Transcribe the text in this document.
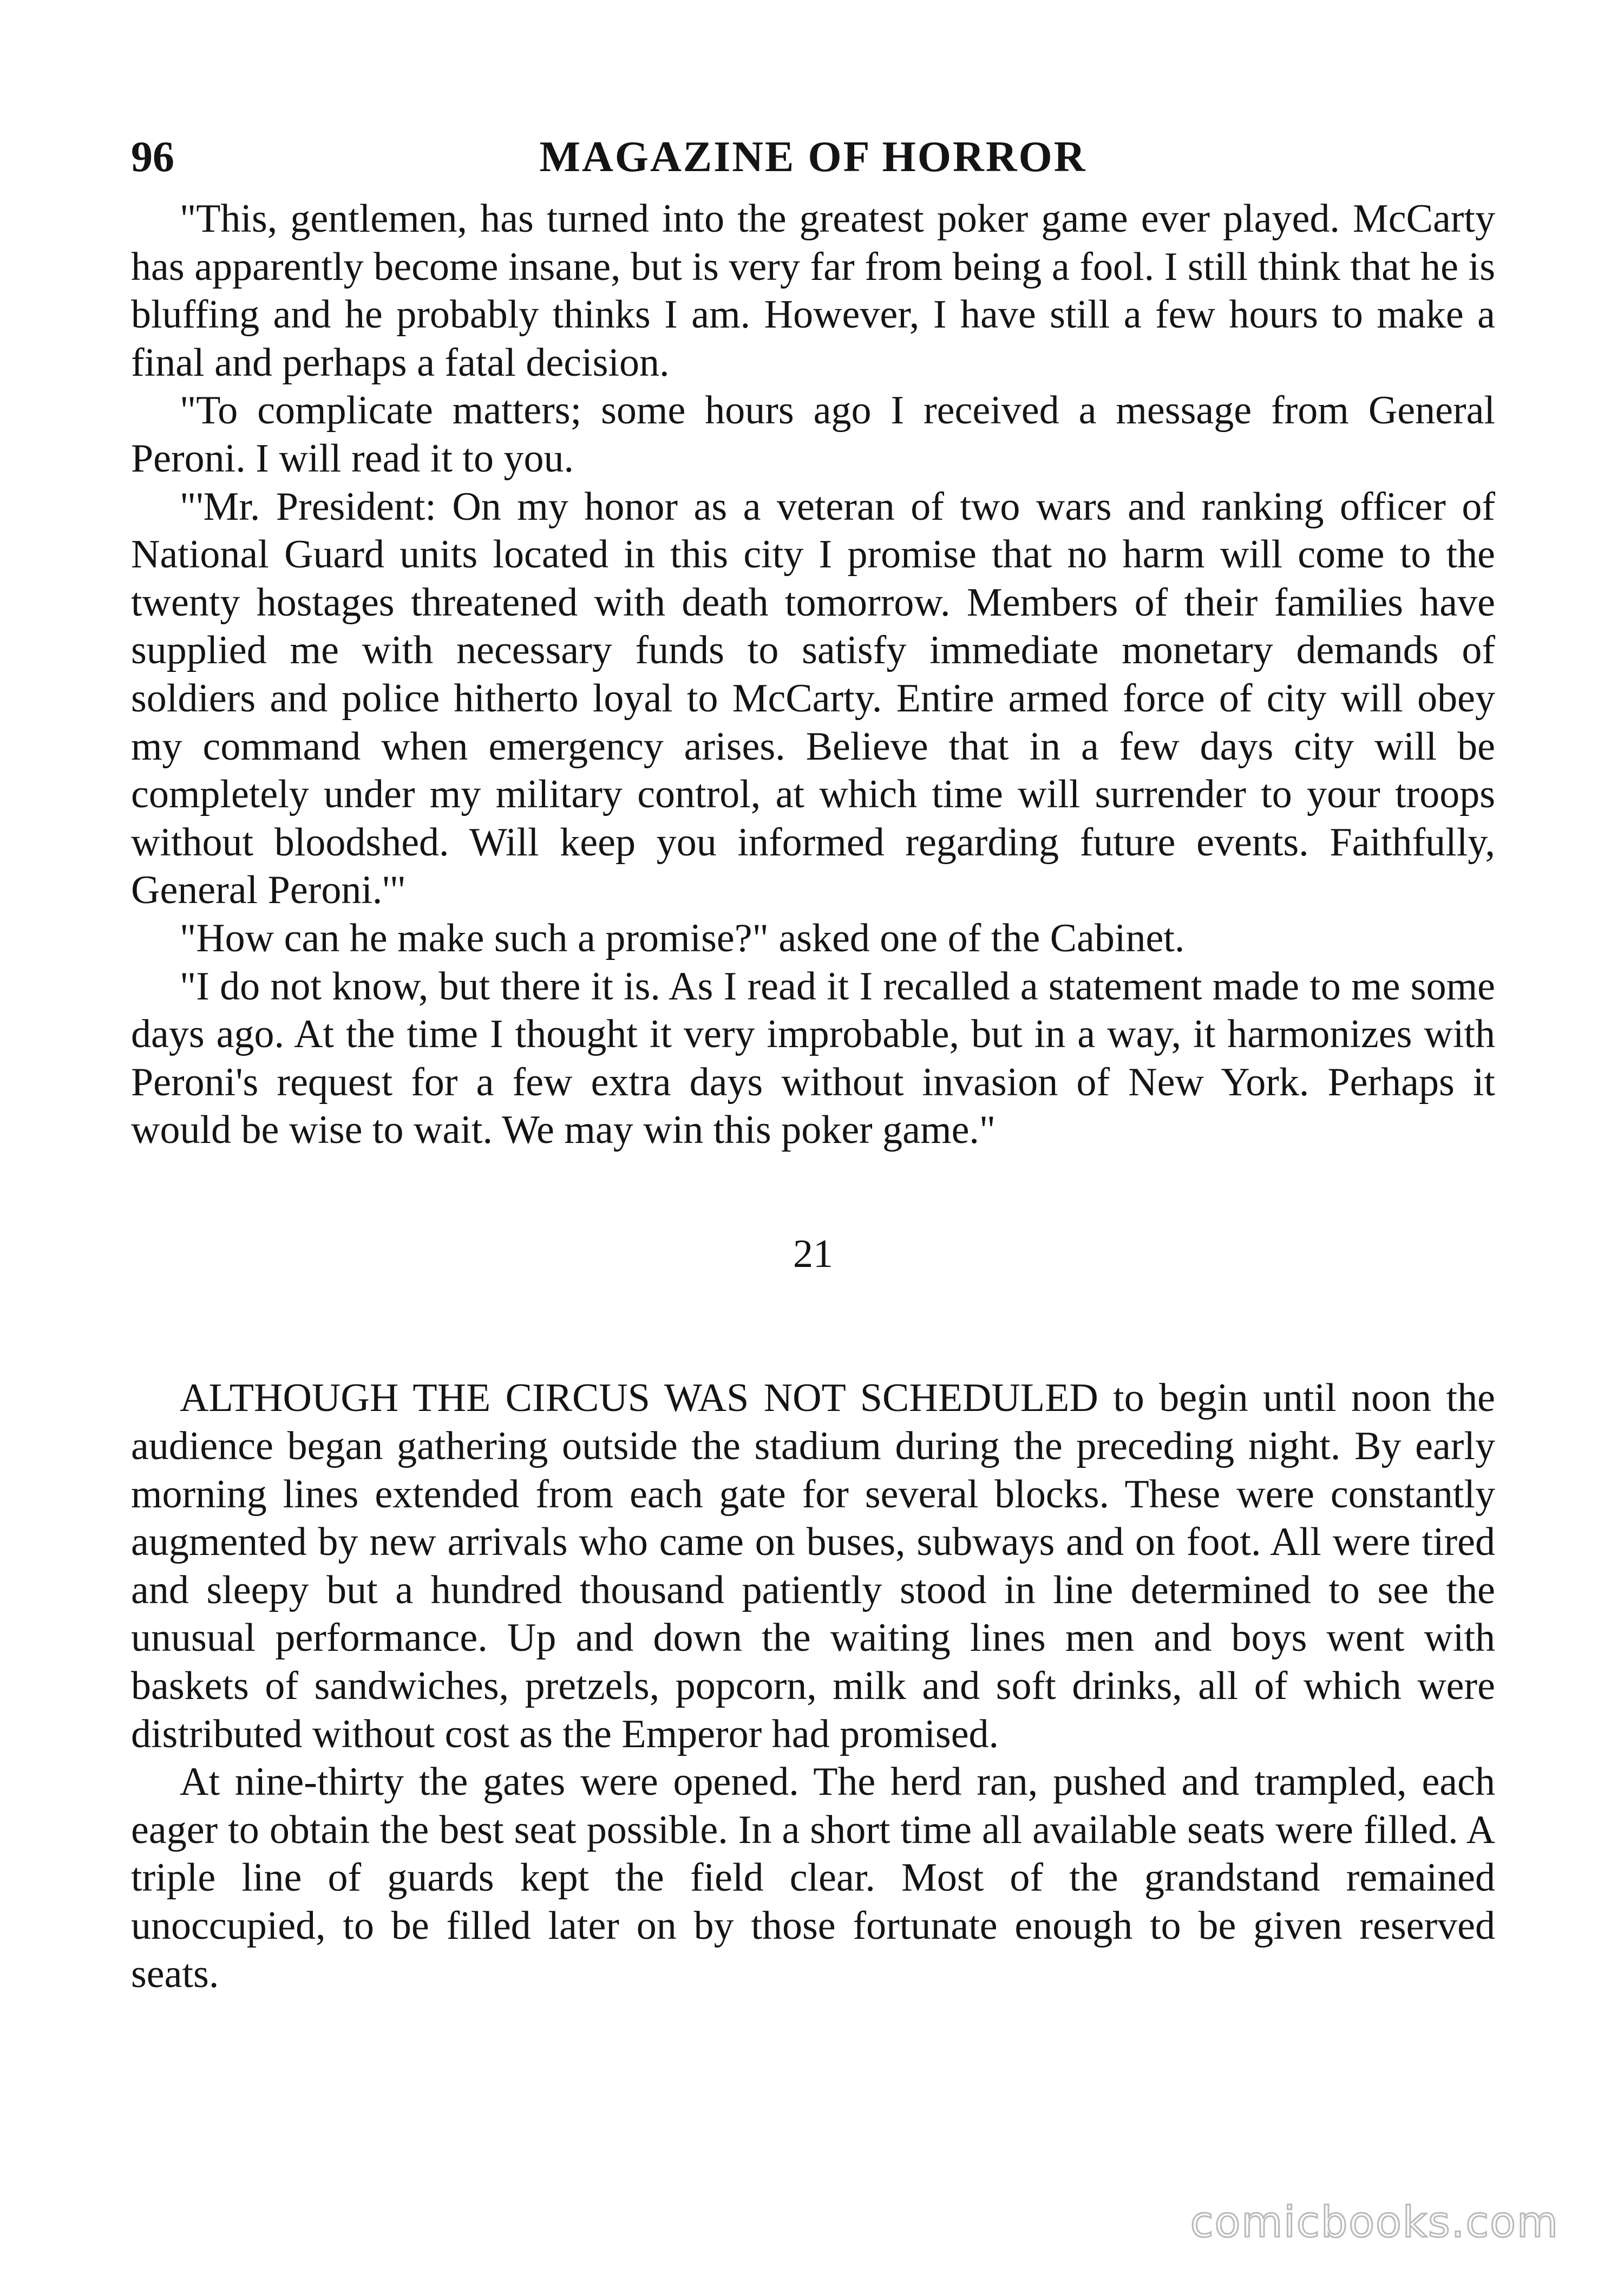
96	MAGAZINE OF HORROR

"This, gentlemen, has turned into the greatest poker game ever played. McCarty has apparently become insane, but is very far from being a fool. I still think that he is bluffing and he probably thinks I am. However, I have still a few hours to make a final and perhaps a fatal decision.

"To complicate matters; some hours ago I received a message from General Peroni. I will read it to you.

"'Mr. President: On my honor as a veteran of two wars and ranking officer of National Guard units located in this city I promise that no harm will come to the twenty hostages threatened with death tomorrow. Members of their families have supplied me with necessary funds to satisfy immediate monetary demands of soldiers and police hitherto loyal to McCarty. Entire armed force of city will obey my command when emergency arises. Believe that in a few days city will be completely under my military control, at which time will surrender to your troops without bloodshed. Will keep you informed regarding future events. Faithfully, General Peroni.'"

"How can he make such a promise?" asked one of the Cabinet.

"I do not know, but there it is. As I read it I recalled a statement made to me some days ago. At the time I thought it very improbable, but in a way, it harmonizes with Peroni's request for a few extra days without invasion of New York. Perhaps it would be wise to wait. We may win this poker game."

21

ALTHOUGH THE CIRCUS WAS NOT SCHEDULED to begin until noon the audience began gathering outside the stadium during the preceding night. By early morning lines extended from each gate for several blocks. These were constantly augmented by new arrivals who came on buses, subways and on foot. All were tired and sleepy but a hundred thousand patiently stood in line determined to see the unusual performance. Up and down the waiting lines men and boys went with baskets of sandwiches, pretzels, popcorn, milk and soft drinks, all of which were distributed without cost as the Emperor had promised.

At nine-thirty the gates were opened. The herd ran, pushed and trampled, each eager to obtain the best seat possible. In a short time all available seats were filled. A triple line of guards kept the field clear. Most of the grandstand remained unoccupied, to be filled later on by those fortunate enough to be given reserved seats.

comicbooks.com
